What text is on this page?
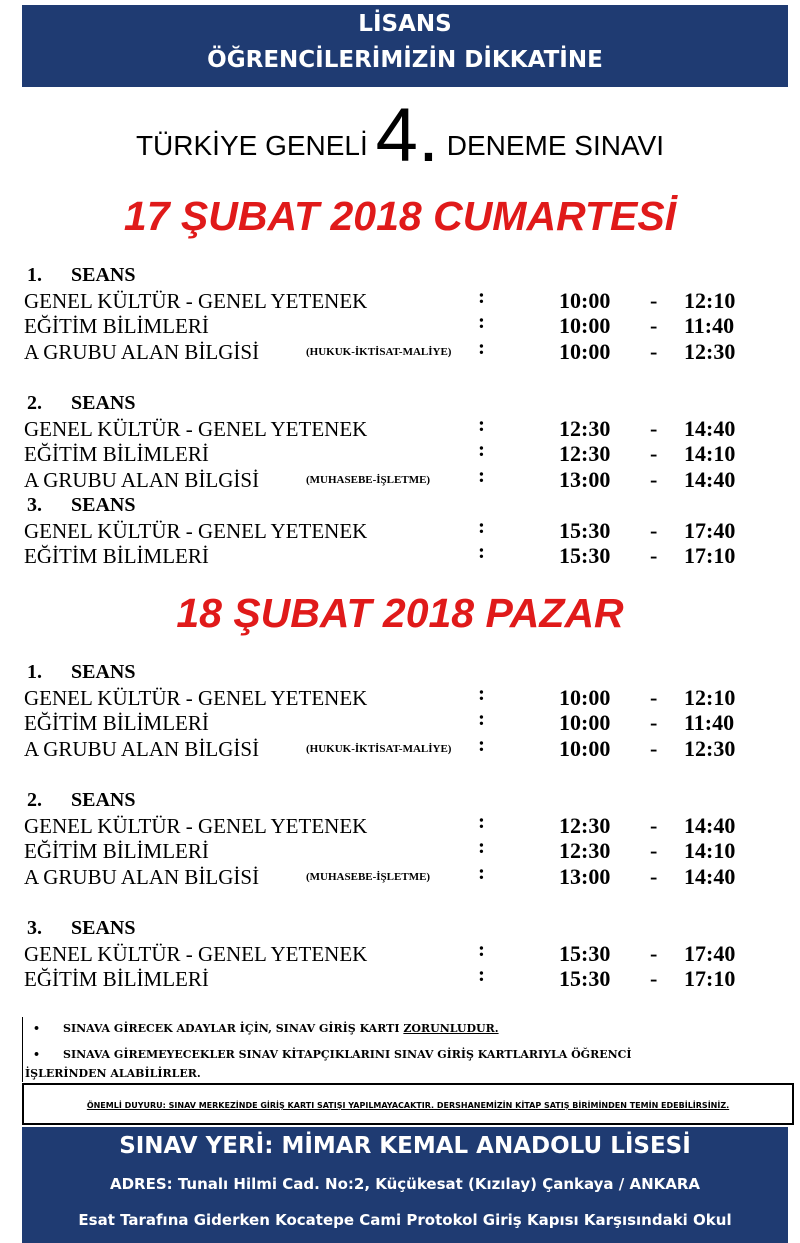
LİSANS
ÖĞRENCİLERİMİZİN DİKKATİNE
TÜRKİYE GENELİ 4. DENEME SINAVI
17 ŞUBAT 2018 CUMARTESİ
1. SEANS
GENEL KÜLTÜR - GENEL YETENEK	:	10:00 - 12:10
EĞİTİM BİLİMLERİ	:	10:00 - 11:40
A GRUBU ALAN BİLGİSİ	(HUKUK-İKTİSAT-MALİYE) :	10:00 - 12:30
2. SEANS
GENEL KÜLTÜR - GENEL YETENEK	:	12:30 - 14:40
EĞİTİM BİLİMLERİ	:	12:30 - 14:10
A GRUBU ALAN BİLGİSİ	(MUHASEBE-İŞLETME) :	13:00 - 14:40
3. SEANS
GENEL KÜLTÜR - GENEL YETENEK	:	15:30 - 17:40
EĞİTİM BİLİMLERİ	:	15:30 - 17:10
18 ŞUBAT 2018 PAZAR
1. SEANS
GENEL KÜLTÜR - GENEL YETENEK	:	10:00 - 12:10
EĞİTİM BİLİMLERİ	:	10:00 - 11:40
A GRUBU ALAN BİLGİSİ	(HUKUK-İKTİSAT-MALİYE) :	10:00 - 12:30
2. SEANS
GENEL KÜLTÜR - GENEL YETENEK	:	12:30 - 14:40
EĞİTİM BİLİMLERİ	:	12:30 - 14:10
A GRUBU ALAN BİLGİSİ	(MUHASEBE-İŞLETME) :	13:00 - 14:40
3. SEANS
GENEL KÜLTÜR - GENEL YETENEK	:	15:30 - 17:40
EĞİTİM BİLİMLERİ	:	15:30 - 17:10
• SINAVA GİRECEK ADAYLAR İÇİN, SINAV GİRİŞ KARTI ZORUNLUDUR.
• SINAVA GİREMEYECEKLER SINAV KİTAPÇIKLARINI SINAV GİRİŞ KARTLARIYLA ÖĞRENCİ
İŞLERİNDEN ALABİLİRLER.
ÖNEMLİ DUYURU: SINAV MERKEZİNDE GİRİŞ KARTI SATIŞI YAPILMAYACAKTIR. DERSHANEMİZİN KİTAP SATIŞ BİRİMİNDEN TEMİN EDEBİLİRSİNİZ.
SINAV YERİ: MİMAR KEMAL ANADOLU LİSESİ
ADRES: Tunalı Hilmi Cad. No:2, Küçükesat (Kızılay) Çankaya / ANKARA
Esat Tarafına Giderken Kocatepe Cami Protokol Giriş Kapısı Karşısındaki Okul
